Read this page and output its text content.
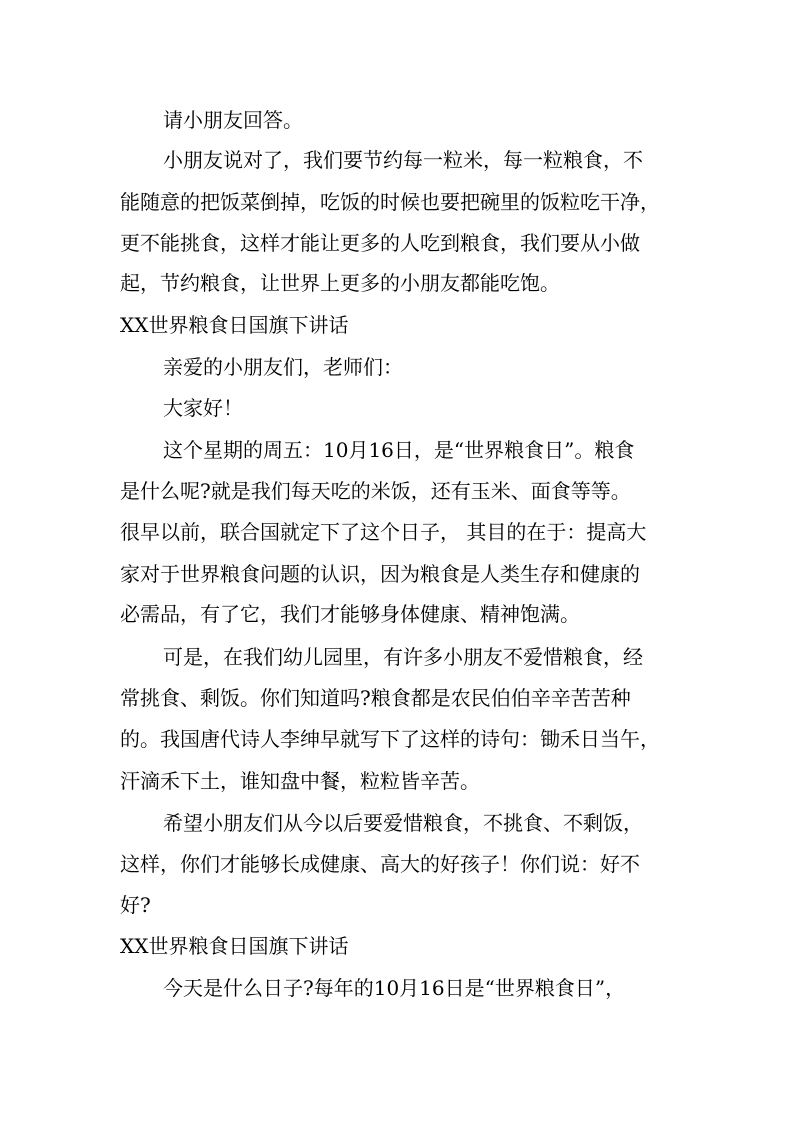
请小朋友回答。
小朋友说对了，我们要节约每一粒米，每一粒粮食，不
能随意的把饭菜倒掉，吃饭的时候也要把碗里的饭粒吃干净，
更不能挑食，这样才能让更多的人吃到粮食，我们要从小做
起，节约粮食，让世界上更多的小朋友都能吃饱。
XX世界粮食日国旗下讲话
亲爱的小朋友们，老师们：
大家好！
这个星期的周五：10月16日，是“世界粮食日”。粮食
是什么呢?就是我们每天吃的米饭，还有玉米、面食等等。
很早以前，联合国就定下了这个日子， 其目的在于：提高大
家对于世界粮食问题的认识，因为粮食是人类生存和健康的
必需品，有了它，我们才能够身体健康、精神饱满。
可是，在我们幼儿园里，有许多小朋友不爱惜粮食，经
常挑食、剩饭。你们知道吗?粮食都是农民伯伯辛辛苦苦种
的。我国唐代诗人李绅早就写下了这样的诗句：锄禾日当午，
汗滴禾下土，谁知盘中餐，粒粒皆辛苦。
希望小朋友们从今以后要爱惜粮食，不挑食、不剩饭，
这样，你们才能够长成健康、高大的好孩子！你们说：好不
好?
XX世界粮食日国旗下讲话
今天是什么日子?每年的10月16日是“世界粮食日”，
